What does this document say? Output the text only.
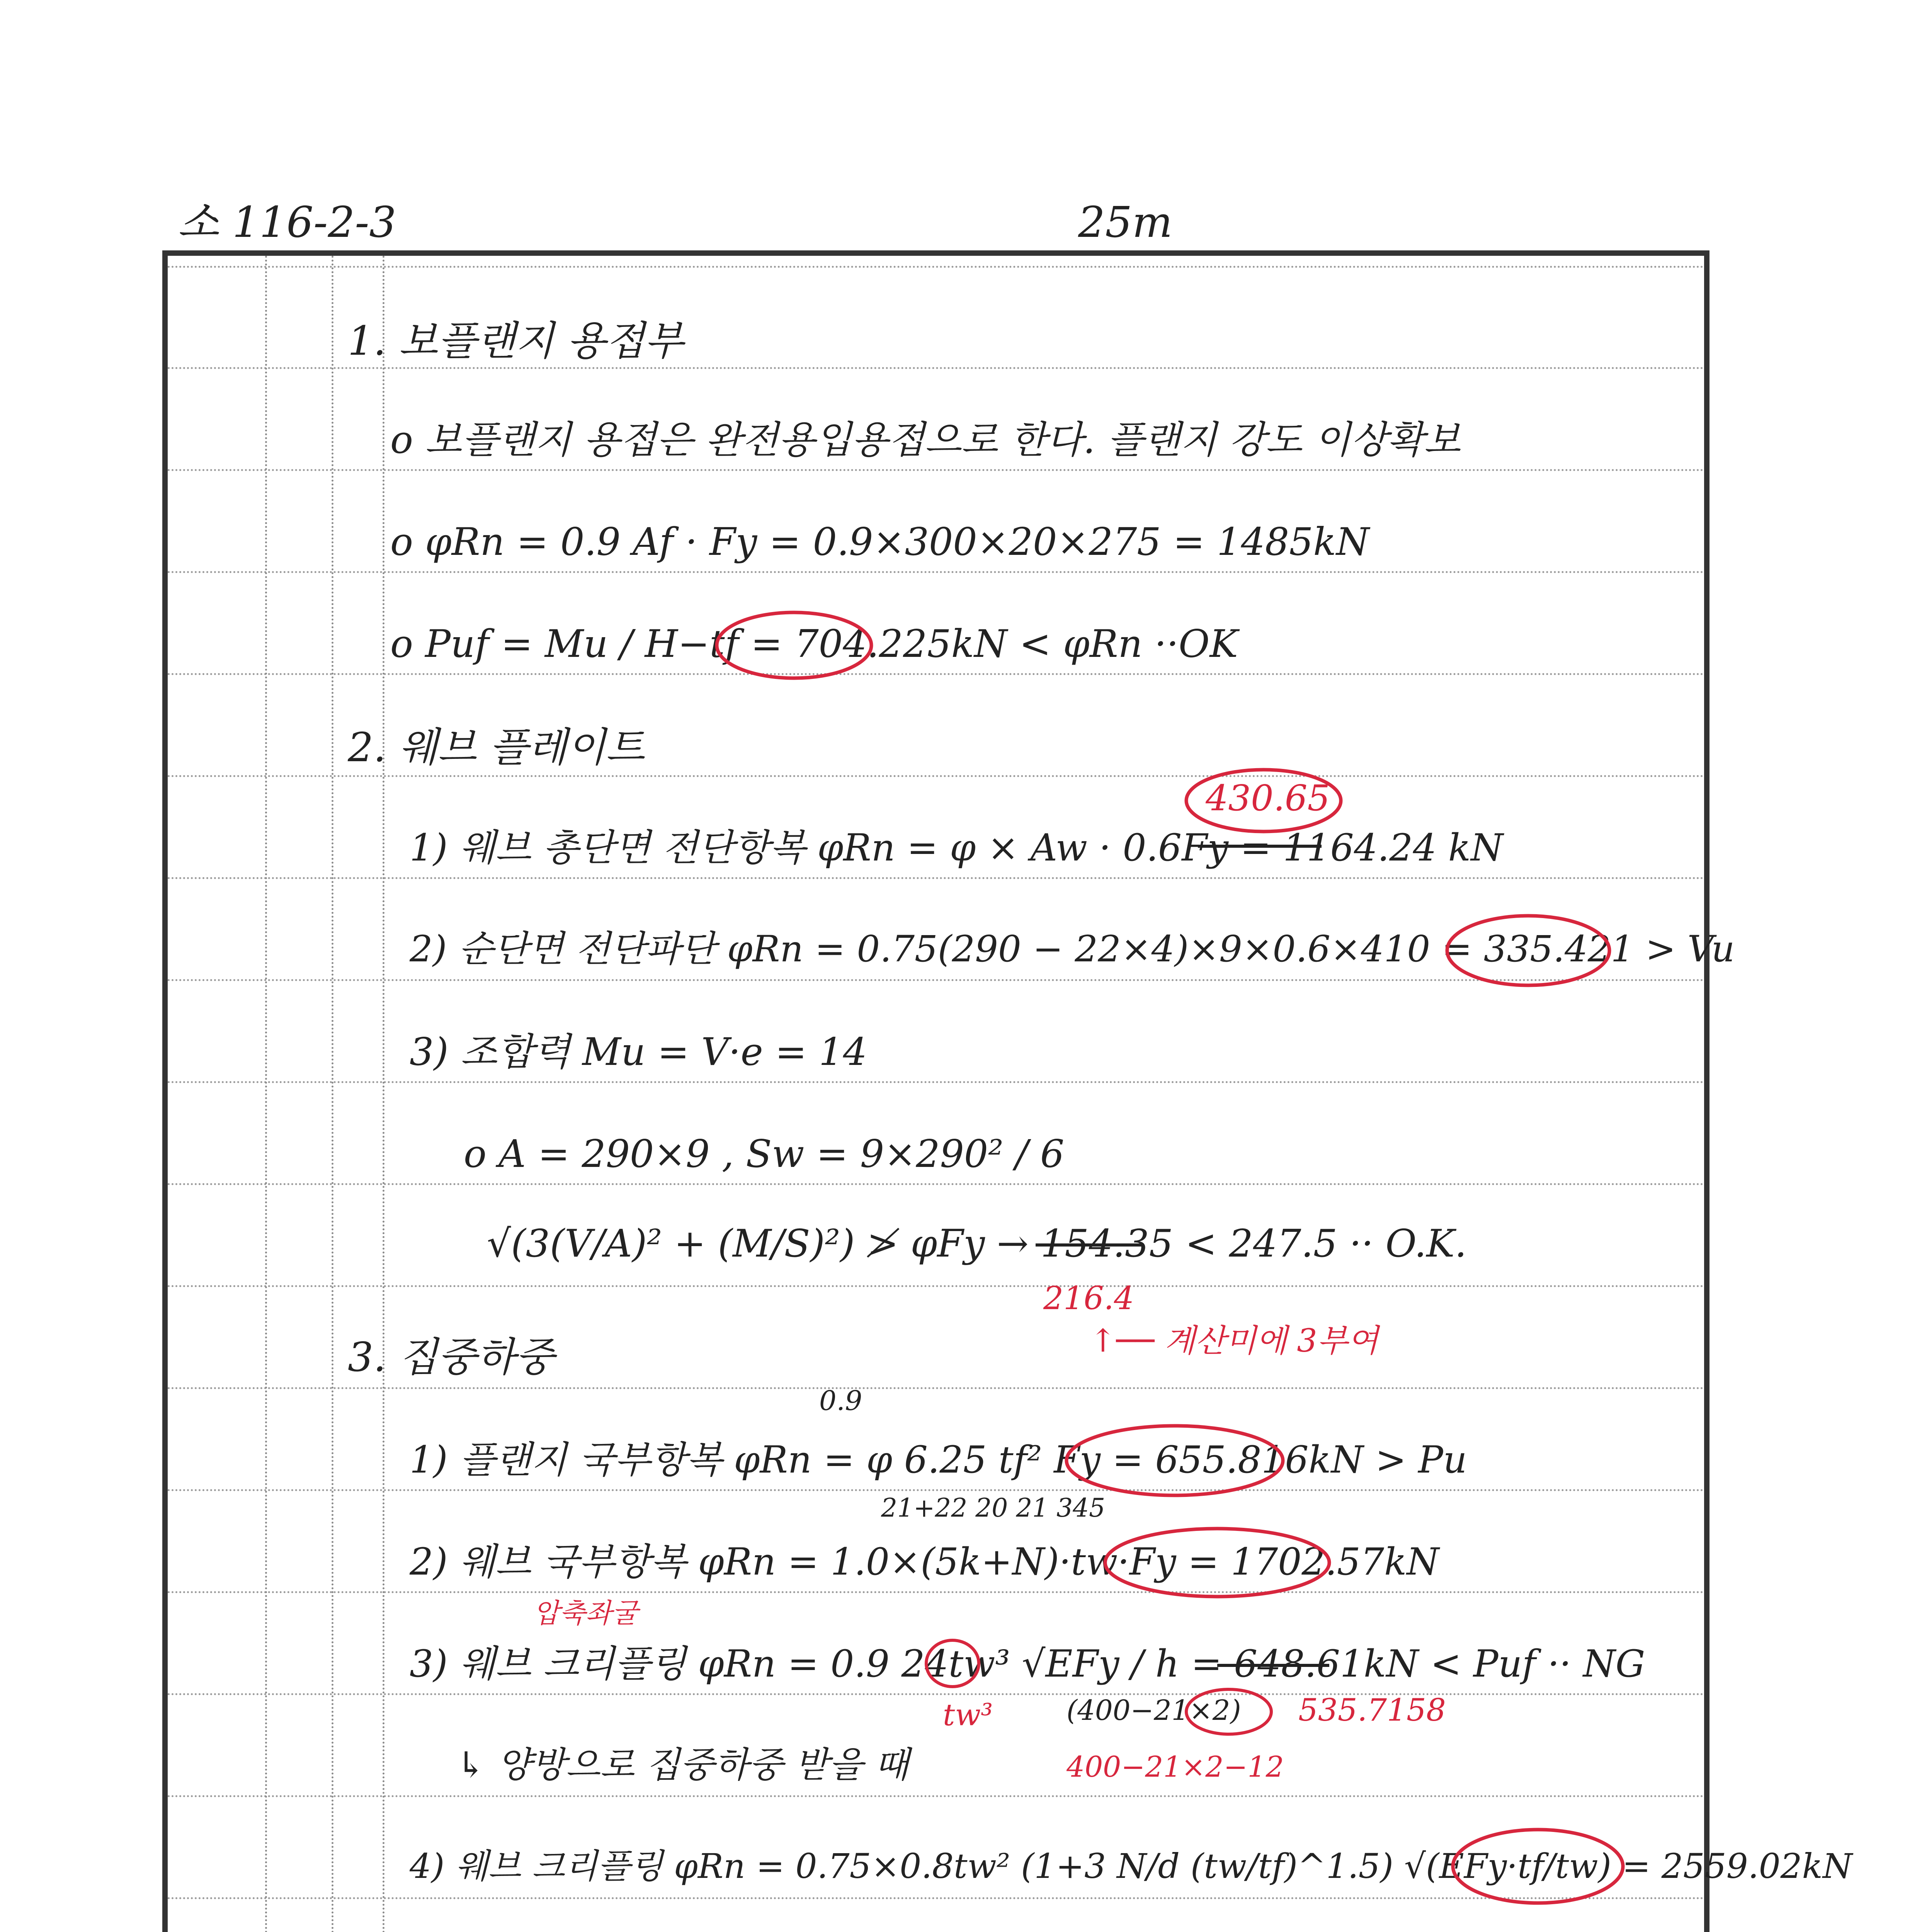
소 116-2-3	25m
1. 보플랜지 용접부
ο 보플랜지 용접은 완전용입용접으로 한다. 플랜지 강도 이상확보
ο φRn = 0.9 Af · Fy = 0.9×300×20×275 = 1485kN
ο Puf = Mu / H−tf = 704.225kN < φRn ··OK
2. 웨브 플레이트
430.65
1) 웨브 총단면 전단항복 φRn = φ × Aw · 0.6Fy = 1164.24 kN
2) 순단면 전단파단 φRn = 0.75(290 − 22×4)×9×0.6×410 = 335.421 > Vu
3) 조합력 Mu = V·e = 14
ο A = 290×9 , Sw = 9×290² / 6
√(3(V/A)² + (M/S)²) ≯ φFy → 154.35 < 247.5 ·· O.K.
216.4
↑── 계산미에 3부여
3. 집중하중
0.9
1) 플랜지 국부항복 φRn = φ 6.25 tf² Fy = 655.816kN > Pu
21+22 20 21 345
2) 웨브 국부항복 φRn = 1.0×(5k+N)·tw·Fy = 1702.57kN
압축좌굴
3) 웨브 크리플링 φRn = 0.9 24tw³ √EFy / h = 648.61kN < Puf ·· NG
tw³	(400−21×2) 535.7158
↳ 양방으로 집중하중 받을 때	400−21×2−12
4) 웨브 크리플링 φRn = 0.75×0.8tw² (1+3 N/d (tw/tf)^1.5) √(EFy·tf/tw) = 2559.02kN
